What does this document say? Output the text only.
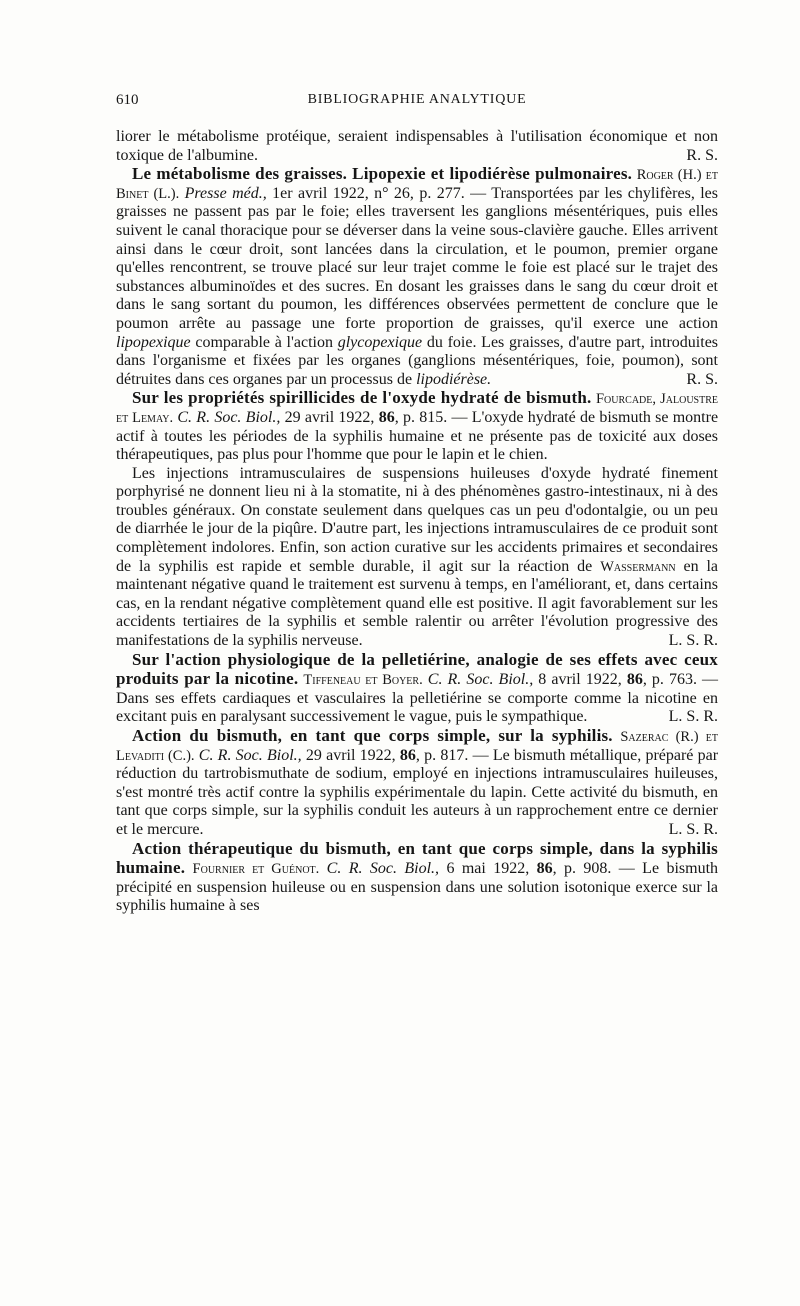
610	BIBLIOGRAPHIE ANALYTIQUE

liorer le métabolisme protéique, seraient indispensables à l'utilisation économique et non toxique de l'albumine.	R. S.

Le métabolisme des graisses. Lipopexie et lipodiérèse pulmonaires. Roger (H.) et Binet (L.). Presse méd., 1er avril 1922, n° 26, p. 277. — Transportées par les chylifères, les graisses ne passent pas par le foie; elles traversent les ganglions mésentériques, puis elles suivent le canal thoracique pour se déverser dans la veine sous-clavière gauche. Elles arrivent ainsi dans le cœur droit, sont lancées dans la circulation, et le poumon, premier organe qu'elles rencontrent, se trouve placé sur leur trajet comme le foie est placé sur le trajet des substances albuminoïdes et des sucres. En dosant les graisses dans le sang du cœur droit et dans le sang sortant du poumon, les différences observées permettent de conclure que le poumon arrête au passage une forte proportion de graisses, qu'il exerce une action lipopexique comparable à l'action glycopexique du foie. Les graisses, d'autre part, introduites dans l'organisme et fixées par les organes (ganglions mésentériques, foie, poumon), sont détruites dans ces organes par un processus de lipodiérèse.	R. S.

Sur les propriétés spirillicides de l'oxyde hydraté de bismuth. Fourcade, Jaloustre et Lemay. C. R. Soc. Biol., 29 avril 1922, 86, p. 815. — L'oxyde hydraté de bismuth se montre actif à toutes les périodes de la syphilis humaine et ne présente pas de toxicité aux doses thérapeutiques, pas plus pour l'homme que pour le lapin et le chien.

Les injections intramusculaires de suspensions huileuses d'oxyde hydraté finement porphyrisé ne donnent lieu ni à la stomatite, ni à des phénomènes gastro-intestinaux, ni à des troubles généraux. On constate seulement dans quelques cas un peu d'odontalgie, ou un peu de diarrhée le jour de la piqûre. D'autre part, les injections intramusculaires de ce produit sont complètement indolores. Enfin, son action curative sur les accidents primaires et secondaires de la syphilis est rapide et semble durable, il agit sur la réaction de Wassermann en la maintenant négative quand le traitement est survenu à temps, en l'améliorant, et, dans certains cas, en la rendant négative complètement quand elle est positive. Il agit favorablement sur les accidents tertiaires de la syphilis et semble ralentir ou arrêter l'évolution progressive des manifestations de la syphilis nerveuse.	L. S. R.

Sur l'action physiologique de la pelletiérine, analogie de ses effets avec ceux produits par la nicotine. Tiffeneau et Boyer. C. R. Soc. Biol., 8 avril 1922, 86, p. 763. — Dans ses effets cardiaques et vasculaires la pelletiérine se comporte comme la nicotine en excitant puis en paralysant successivement le vague, puis le sympathique.	L. S. R.

Action du bismuth, en tant que corps simple, sur la syphilis. Sazerac (R.) et Levaditi (C.). C. R. Soc. Biol., 29 avril 1922, 86, p. 817. — Le bismuth métallique, préparé par réduction du tartrobismuthate de sodium, employé en injections intramusculaires huileuses, s'est montré très actif contre la syphilis expérimentale du lapin. Cette activité du bismuth, en tant que corps simple, sur la syphilis conduit les auteurs à un rapprochement entre ce dernier et le mercure.	L. S. R.

Action thérapeutique du bismuth, en tant que corps simple, dans la syphilis humaine. Fournier et Guénot. C. R. Soc. Biol., 6 mai 1922, 86, p. 908. — Le bismuth précipité en suspension huileuse ou en suspension dans une solution isotonique exerce sur la syphilis humaine à ses
